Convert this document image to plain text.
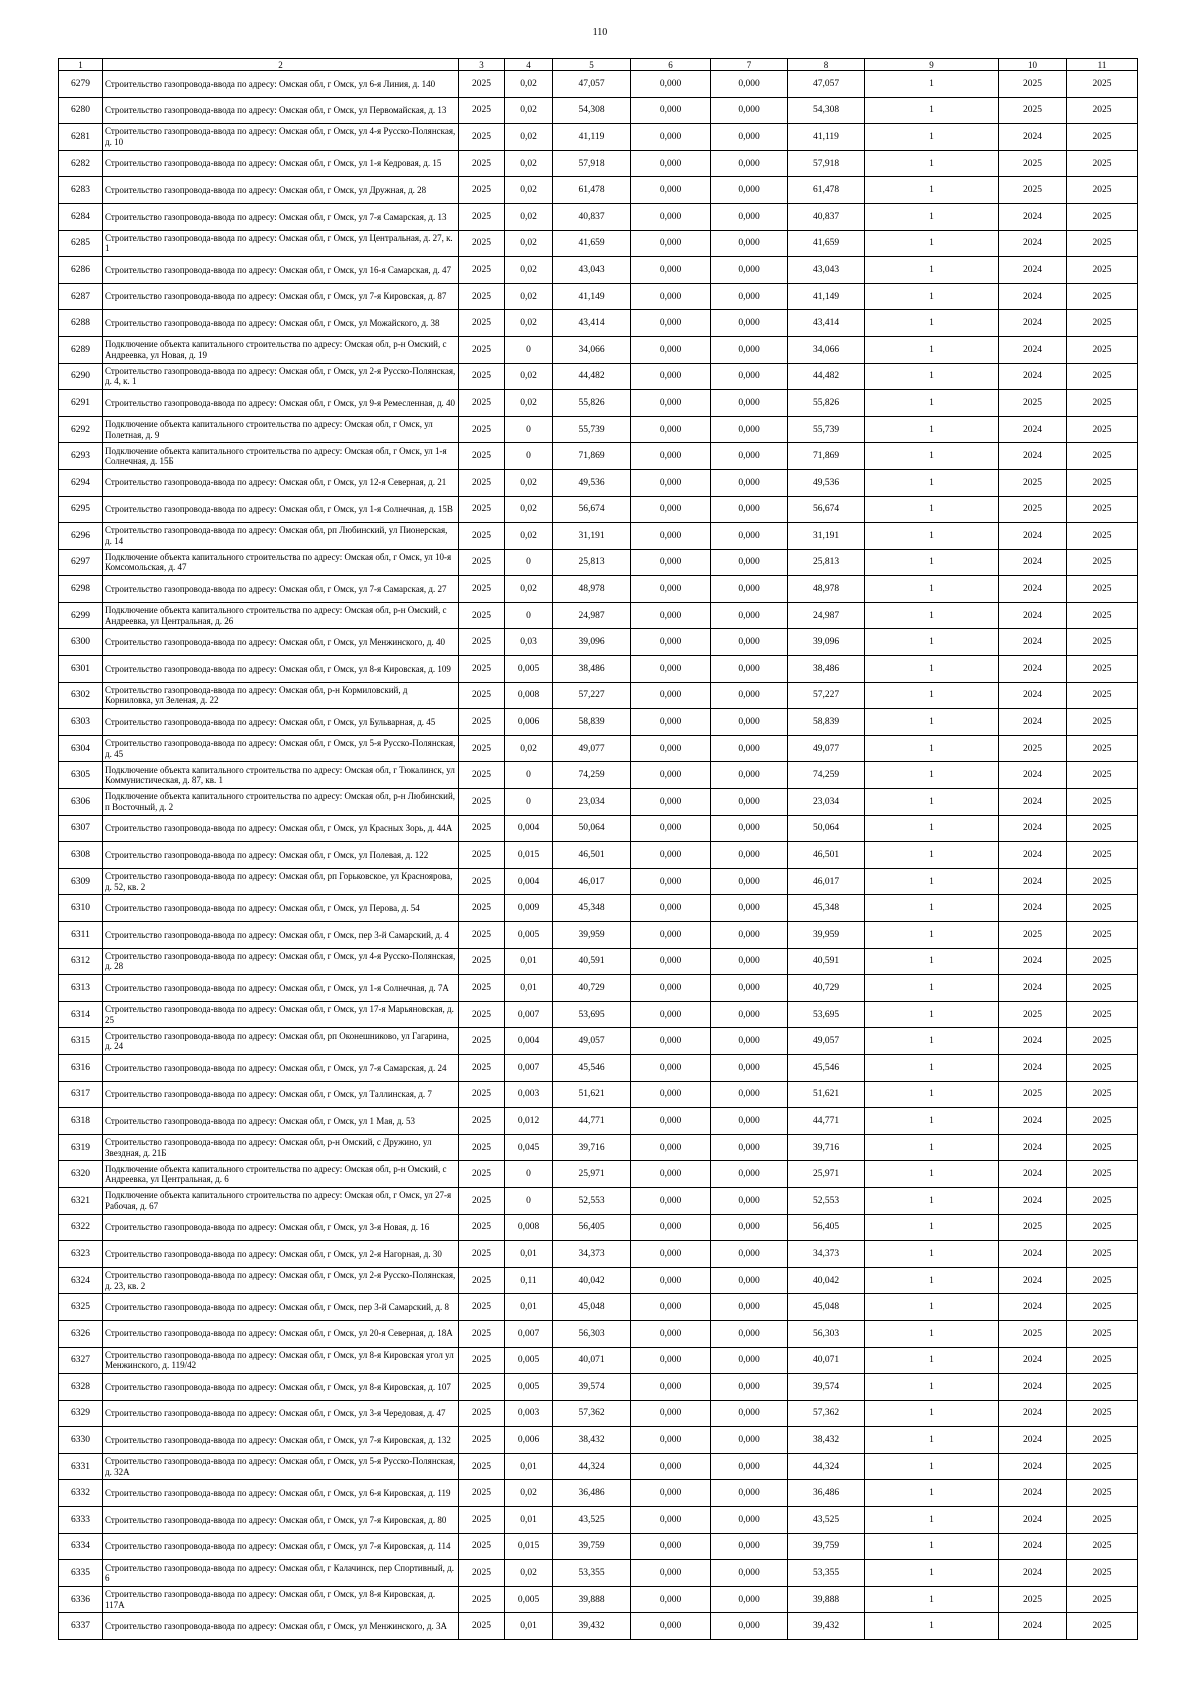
110
1	2	3	4	5	6	7	8	9	10	11
6279	Строительство газопровода-ввода по адресу: Омская обл, г Омск, ул 6-я Линия, д. 140	2025	0,02	47,057	0,000	0,000	47,057	1	2025	2025
6280	Строительство газопровода-ввода по адресу: Омская обл, г Омск, ул Первомайская, д. 13	2025	0,02	54,308	0,000	0,000	54,308	1	2025	2025
6281	Строительство газопровода-ввода по адресу: Омская обл, г Омск, ул 4-я Русско-Полянская, д. 10	2025	0,02	41,119	0,000	0,000	41,119	1	2024	2025
6282	Строительство газопровода-ввода по адресу: Омская обл, г Омск, ул 1-я Кедровая, д. 15	2025	0,02	57,918	0,000	0,000	57,918	1	2025	2025
6283	Строительство газопровода-ввода по адресу: Омская обл, г Омск, ул Дружная, д. 28	2025	0,02	61,478	0,000	0,000	61,478	1	2025	2025
6284	Строительство газопровода-ввода по адресу: Омская обл, г Омск, ул 7-я Самарская, д. 13	2025	0,02	40,837	0,000	0,000	40,837	1	2024	2025
6285	Строительство газопровода-ввода по адресу: Омская обл, г Омск, ул Центральная, д. 27, к. 1	2025	0,02	41,659	0,000	0,000	41,659	1	2024	2025
6286	Строительство газопровода-ввода по адресу: Омская обл, г Омск, ул 16-я Самарская, д. 47	2025	0,02	43,043	0,000	0,000	43,043	1	2024	2025
6287	Строительство газопровода-ввода по адресу: Омская обл, г Омск, ул 7-я Кировская, д. 87	2025	0,02	41,149	0,000	0,000	41,149	1	2024	2025
6288	Строительство газопровода-ввода по адресу: Омская обл, г Омск, ул Можайского, д. 38	2025	0,02	43,414	0,000	0,000	43,414	1	2024	2025
6289	Подключение объекта капитального строительства по адресу: Омская обл, р-н Омский, с Андреевка, ул Новая, д. 19	2025	0	34,066	0,000	0,000	34,066	1	2024	2025
6290	Строительство газопровода-ввода по адресу: Омская обл, г Омск, ул 2-я Русско-Полянская, д. 4, к. 1	2025	0,02	44,482	0,000	0,000	44,482	1	2024	2025
6291	Строительство газопровода-ввода по адресу: Омская обл, г Омск, ул 9-я Ремесленная, д. 40	2025	0,02	55,826	0,000	0,000	55,826	1	2025	2025
6292	Подключение объекта капитального строительства по адресу: Омская обл, г Омск, ул Полетная, д. 9	2025	0	55,739	0,000	0,000	55,739	1	2024	2025
6293	Подключение объекта капитального строительства по адресу: Омская обл, г Омск, ул 1-я Солнечная, д. 15Б	2025	0	71,869	0,000	0,000	71,869	1	2024	2025
6294	Строительство газопровода-ввода по адресу: Омская обл, г Омск, ул 12-я Северная, д. 21	2025	0,02	49,536	0,000	0,000	49,536	1	2025	2025
6295	Строительство газопровода-ввода по адресу: Омская обл, г Омск, ул 1-я Солнечная, д. 15В	2025	0,02	56,674	0,000	0,000	56,674	1	2025	2025
6296	Строительство газопровода-ввода по адресу: Омская обл, рп Любинский, ул Пионерская, д. 14	2025	0,02	31,191	0,000	0,000	31,191	1	2024	2025
6297	Подключение объекта капитального строительства по адресу: Омская обл, г Омск, ул 10-я Комсомольская, д. 47	2025	0	25,813	0,000	0,000	25,813	1	2024	2025
6298	Строительство газопровода-ввода по адресу: Омская обл, г Омск, ул 7-я Самарская, д. 27	2025	0,02	48,978	0,000	0,000	48,978	1	2024	2025
6299	Подключение объекта капитального строительства по адресу: Омская обл, р-н Омский, с Андреевка, ул Центральная, д. 26	2025	0	24,987	0,000	0,000	24,987	1	2024	2025
6300	Строительство газопровода-ввода по адресу: Омская обл, г Омск, ул Менжинского, д. 40	2025	0,03	39,096	0,000	0,000	39,096	1	2024	2025
6301	Строительство газопровода-ввода по адресу: Омская обл, г Омск, ул 8-я Кировская, д. 109	2025	0,005	38,486	0,000	0,000	38,486	1	2024	2025
6302	Строительство газопровода-ввода по адресу: Омская обл, р-н Кормиловский, д Корниловка, ул Зеленая, д. 22	2025	0,008	57,227	0,000	0,000	57,227	1	2024	2025
6303	Строительство газопровода-ввода по адресу: Омская обл, г Омск, ул Бульварная, д. 45	2025	0,006	58,839	0,000	0,000	58,839	1	2024	2025
6304	Строительство газопровода-ввода по адресу: Омская обл, г Омск, ул 5-я Русско-Полянская, д. 45	2025	0,02	49,077	0,000	0,000	49,077	1	2025	2025
6305	Подключение объекта капитального строительства по адресу: Омская обл, г Тюкалинск, ул Коммунистическая, д. 87, кв. 1	2025	0	74,259	0,000	0,000	74,259	1	2024	2025
6306	Подключение объекта капитального строительства по адресу: Омская обл, р-н Любинский, п Восточный, д. 2	2025	0	23,034	0,000	0,000	23,034	1	2024	2025
6307	Строительство газопровода-ввода по адресу: Омская обл, г Омск, ул Красных Зорь, д. 44А	2025	0,004	50,064	0,000	0,000	50,064	1	2024	2025
6308	Строительство газопровода-ввода по адресу: Омская обл, г Омск, ул Полевая, д. 122	2025	0,015	46,501	0,000	0,000	46,501	1	2024	2025
6309	Строительство газопровода-ввода по адресу: Омская обл, рп Горьковское, ул Красноярова, д. 52, кв. 2	2025	0,004	46,017	0,000	0,000	46,017	1	2024	2025
6310	Строительство газопровода-ввода по адресу: Омская обл, г Омск, ул Перова, д. 54	2025	0,009	45,348	0,000	0,000	45,348	1	2024	2025
6311	Строительство газопровода-ввода по адресу: Омская обл, г Омск, пер 3-й Самарский, д. 4	2025	0,005	39,959	0,000	0,000	39,959	1	2025	2025
6312	Строительство газопровода-ввода по адресу: Омская обл, г Омск, ул 4-я Русско-Полянская, д. 28	2025	0,01	40,591	0,000	0,000	40,591	1	2024	2025
6313	Строительство газопровода-ввода по адресу: Омская обл, г Омск, ул 1-я Солнечная, д. 7А	2025	0,01	40,729	0,000	0,000	40,729	1	2024	2025
6314	Строительство газопровода-ввода по адресу: Омская обл, г Омск, ул 17-я Марьяновская, д. 25	2025	0,007	53,695	0,000	0,000	53,695	1	2025	2025
6315	Строительство газопровода-ввода по адресу: Омская обл, рп Оконешниково, ул Гагарина, д. 24	2025	0,004	49,057	0,000	0,000	49,057	1	2024	2025
6316	Строительство газопровода-ввода по адресу: Омская обл, г Омск, ул 7-я Самарская, д. 24	2025	0,007	45,546	0,000	0,000	45,546	1	2024	2025
6317	Строительство газопровода-ввода по адресу: Омская обл, г Омск, ул Таллинская, д. 7	2025	0,003	51,621	0,000	0,000	51,621	1	2025	2025
6318	Строительство газопровода-ввода по адресу: Омская обл, г Омск, ул 1 Мая, д. 53	2025	0,012	44,771	0,000	0,000	44,771	1	2024	2025
6319	Строительство газопровода-ввода по адресу: Омская обл, р-н Омский, с Дружино, ул Звездная, д. 21Б	2025	0,045	39,716	0,000	0,000	39,716	1	2024	2025
6320	Подключение объекта капитального строительства по адресу: Омская обл, р-н Омский, с Андреевка, ул Центральная, д. 6	2025	0	25,971	0,000	0,000	25,971	1	2024	2025
6321	Подключение объекта капитального строительства по адресу: Омская обл, г Омск, ул 27-я Рабочая, д. 67	2025	0	52,553	0,000	0,000	52,553	1	2024	2025
6322	Строительство газопровода-ввода по адресу: Омская обл, г Омск, ул 3-я Новая, д. 16	2025	0,008	56,405	0,000	0,000	56,405	1	2025	2025
6323	Строительство газопровода-ввода по адресу: Омская обл, г Омск, ул 2-я Нагорная, д. 30	2025	0,01	34,373	0,000	0,000	34,373	1	2024	2025
6324	Строительство газопровода-ввода по адресу: Омская обл, г Омск, ул 2-я Русско-Полянская, д. 23, кв. 2	2025	0,11	40,042	0,000	0,000	40,042	1	2024	2025
6325	Строительство газопровода-ввода по адресу: Омская обл, г Омск, пер 3-й Самарский, д. 8	2025	0,01	45,048	0,000	0,000	45,048	1	2024	2025
6326	Строительство газопровода-ввода по адресу: Омская обл, г Омск, ул 20-я Северная, д. 18А	2025	0,007	56,303	0,000	0,000	56,303	1	2025	2025
6327	Строительство газопровода-ввода по адресу: Омская обл, г Омск, ул 8-я Кировская угол ул Менжинского, д. 119/42	2025	0,005	40,071	0,000	0,000	40,071	1	2024	2025
6328	Строительство газопровода-ввода по адресу: Омская обл, г Омск, ул 8-я Кировская, д. 107	2025	0,005	39,574	0,000	0,000	39,574	1	2024	2025
6329	Строительство газопровода-ввода по адресу: Омская обл, г Омск, ул 3-я Чередовая, д. 47	2025	0,003	57,362	0,000	0,000	57,362	1	2024	2025
6330	Строительство газопровода-ввода по адресу: Омская обл, г Омск, ул 7-я Кировская, д. 132	2025	0,006	38,432	0,000	0,000	38,432	1	2024	2025
6331	Строительство газопровода-ввода по адресу: Омская обл, г Омск, ул 5-я Русско-Полянская, д. 32А	2025	0,01	44,324	0,000	0,000	44,324	1	2024	2025
6332	Строительство газопровода-ввода по адресу: Омская обл, г Омск, ул 6-я Кировская, д. 119	2025	0,02	36,486	0,000	0,000	36,486	1	2024	2025
6333	Строительство газопровода-ввода по адресу: Омская обл, г Омск, ул 7-я Кировская, д. 80	2025	0,01	43,525	0,000	0,000	43,525	1	2024	2025
6334	Строительство газопровода-ввода по адресу: Омская обл, г Омск, ул 7-я Кировская, д. 114	2025	0,015	39,759	0,000	0,000	39,759	1	2024	2025
6335	Строительство газопровода-ввода по адресу: Омская обл, г Калачинск, пер Спортивный, д. 6	2025	0,02	53,355	0,000	0,000	53,355	1	2024	2025
6336	Строительство газопровода-ввода по адресу: Омская обл, г Омск, ул 8-я Кировская, д. 117А	2025	0,005	39,888	0,000	0,000	39,888	1	2025	2025
6337	Строительство газопровода-ввода по адресу: Омская обл, г Омск, ул Менжинского, д. 3А	2025	0,01	39,432	0,000	0,000	39,432	1	2024	2025
